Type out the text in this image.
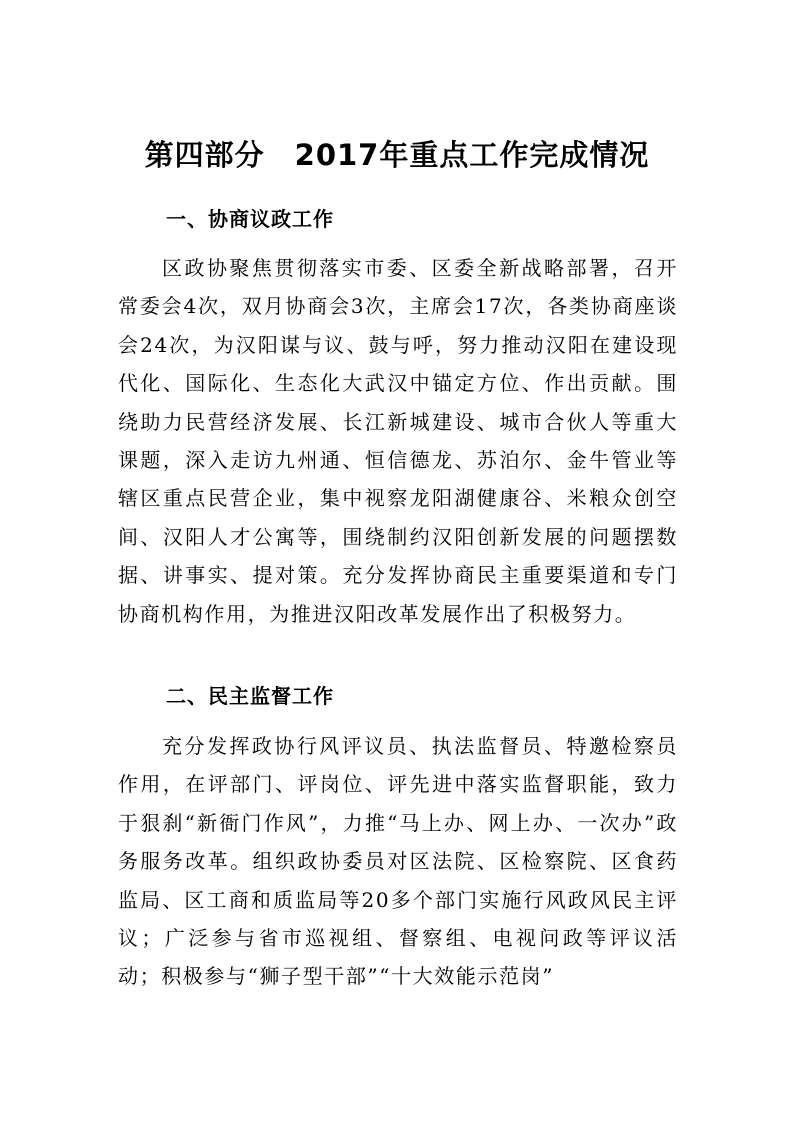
第四部分　2017年重点工作完成情况
一、协商议政工作

区政协聚焦贯彻落实市委、区委全新战略部署，召开常委会4次，双月协商会3次，主席会17次，各类协商座谈会24次，为汉阳谋与议、鼓与呼，努力推动汉阳在建设现代化、国际化、生态化大武汉中锚定方位、作出贡献。围绕助力民营经济发展、长江新城建设、城市合伙人等重大课题，深入走访九州通、恒信德龙、苏泊尔、金牛管业等辖区重点民营企业，集中视察龙阳湖健康谷、米粮众创空间、汉阳人才公寓等，围绕制约汉阳创新发展的问题摆数据、讲事实、提对策。充分发挥协商民主重要渠道和专门协商机构作用，为推进汉阳改革发展作出了积极努力。

二、民主监督工作

充分发挥政协行风评议员、执法监督员、特邀检察员作用，在评部门、评岗位、评先进中落实监督职能，致力于狠刹“新衙门作风”，力推“马上办、网上办、一次办”政务服务改革。组织政协委员对区法院、区检察院、区食药监局、区工商和质监局等20多个部门实施行风政风民主评议；广泛参与省市巡视组、督察组、电视问政等评议活动；积极参与“狮子型干部”“十大效能示范岗”
